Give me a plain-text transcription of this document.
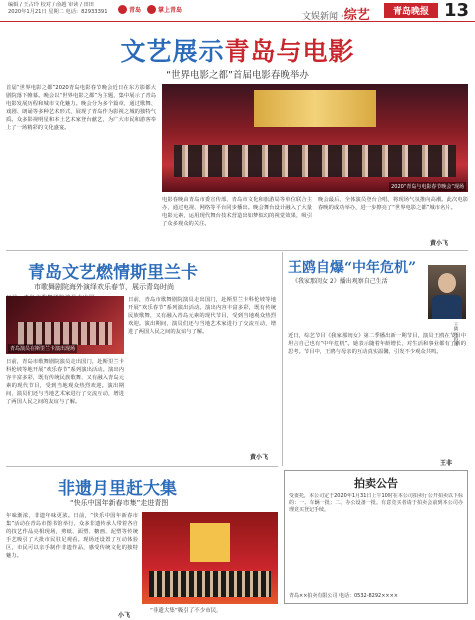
编辑 / 王占玲 校对 / 俞越 审读 / 田田
2020年1月21日 星期二 电话：82933391	青岛	掌上青岛
文娱新闻 ·综艺	青岛晚报 13
文艺展示青岛与电影
“世界电影之都”首届电影春晚举办
首届“世界电影之都”2020青岛电影春节晚会近日在东方影都大剧院落下帷幕。晚会以“世界电影之都”为主题，集中展示了青岛电影发展历程和城市文化魅力。晚会分为多个篇章，通过歌舞、戏剧、朗诵等多种艺术形式，展现了青岛作为影视之城的独特气质。众多影视明星和本土艺术家登台献艺，为广大市民和游客奉上了一场精彩的文化盛宴。
2020“青岛与电影春节晚会”现场
电影春晚由青岛市委宣传部、青岛市文化和旅游局等单位联合主办，通过电视、网络等平台同步播出。晚会舞台设计融入了大量电影元素，运用现代舞台技术营造出如梦似幻的视觉效果，吸引了众多观众的关注。
晚会最后，全体演员登台合唱，将现场气氛推向高潮。此次电影春晚的成功举办，进一步擦亮了“世界电影之都”城市名片。
黄小飞
青岛文艺燃情斯里兰卡
市歌舞剧院海外演绎欢乐春节，展示青岛时尚
青岛演员在斯里兰卡演出现场
日前，青岛市歌舞剧院演员走出国门，赴斯里兰卡科伦坡等地开展“欢乐春节”系列演出活动。演出内容丰富多彩，既有传统民族歌舞，又有融入青岛元素的现代节目，受到当地观众热烈欢迎。演出期间，演员们还与当地艺术家进行了交流互动，增进了两国人民之间的友谊与了解。
日前，青岛市歌舞剧院演员走出国门，赴斯里兰卡科伦坡等地开展“欢乐春节”系列演出活动。演出内容丰富多彩，既有传统民族歌舞，又有融入青岛元素的现代节目，受到当地观众热烈欢迎。演出期间，演员们还与当地艺术家进行了交流互动，增进了两国人民之间的友谊与了解。
黄小飞
王鸥自爆“中年危机”
《我家那闺女 2》播出观察自己生活
王鸥 资料图
近日，综艺节目《我家那闺女》第二季播出新一期节目，演员王鸥在节目中坦言自己也有“中年危机”。她表示随着年龄增长，对生活和事业都有了新的思考。节目中，王鸥与母亲的互动真实温馨，引发不少观众共鸣。
王非
非遗月里赶大集
“快乐中国年新春市集”走进青图
年味渐浓，非遗年味更浓。日前，“快乐中国年新春市集”活动在青岛市图书馆举行，众多非遗传承人带着各自的技艺作品亮相现场，剪纸、面塑、糖画、泥塑等传统手艺吸引了大批市民驻足观看。现场还设置了互动体验区，市民可以亲手制作非遗作品，感受传统文化的独特魅力。
“非遗大集”吸引了不少市民。
小飞
拍卖公告
受委托，本公司定于2020年1月31日上午10时在本公司拍卖厅公开拍卖以下标的：一、车辆一批；二、办公设备一批。有意竞买者请于拍卖会前到本公司办理竞买登记手续。
青岛××拍卖有限公司 电话：0532-8292××××
